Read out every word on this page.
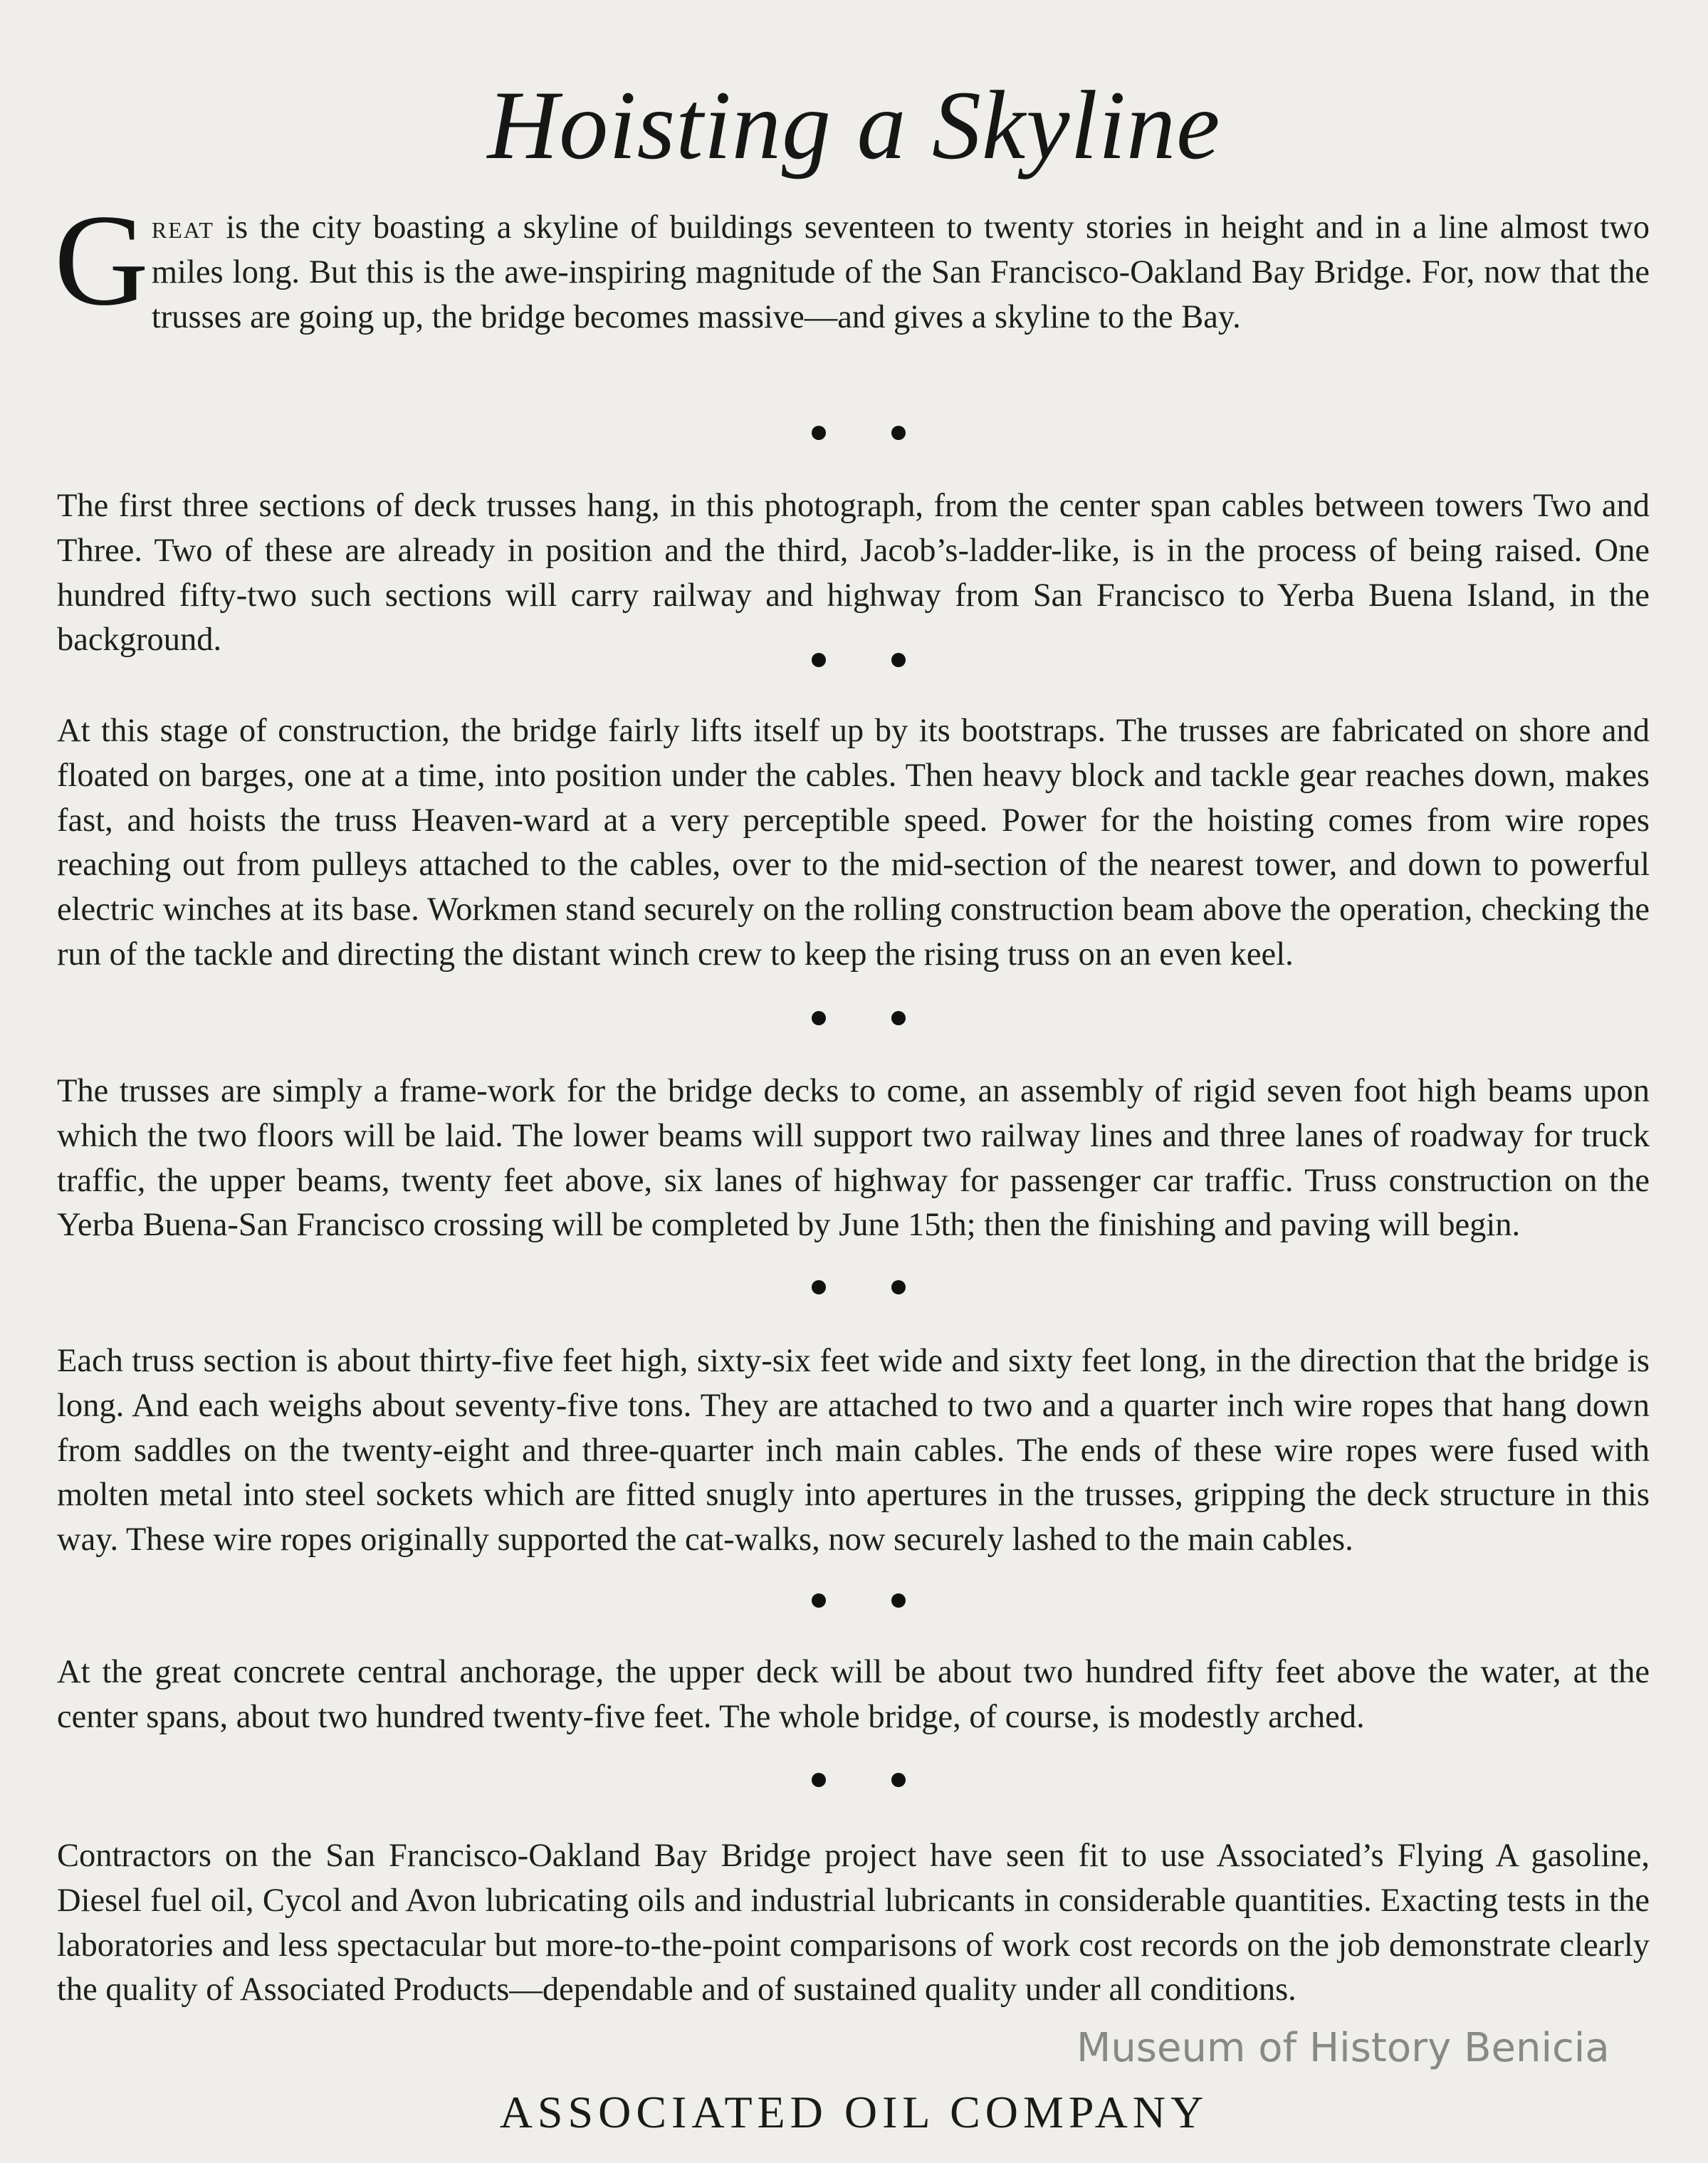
Hoisting a Skyline

Great is the city boasting a skyline of buildings seventeen to twenty stories in height and in a line almost two miles long. But this is the awe-inspiring magnitude of the San Francisco-Oakland Bay Bridge. For, now that the trusses are going up, the bridge becomes massive—and gives a skyline to the Bay.

The first three sections of deck trusses hang, in this photograph, from the center span cables between towers Two and Three. Two of these are already in position and the third, Jacob’s-ladder-like, is in the process of being raised. One hundred fifty-two such sections will carry railway and highway from San Francisco to Yerba Buena Island, in the background.

At this stage of construction, the bridge fairly lifts itself up by its bootstraps. The trusses are fabricated on shore and floated on barges, one at a time, into position under the cables. Then heavy block and tackle gear reaches down, makes fast, and hoists the truss Heaven-ward at a very perceptible speed. Power for the hoisting comes from wire ropes reaching out from pulleys attached to the cables, over to the mid-section of the nearest tower, and down to powerful electric winches at its base. Workmen stand securely on the rolling construction beam above the operation, checking the run of the tackle and directing the distant winch crew to keep the rising truss on an even keel.

The trusses are simply a frame-work for the bridge decks to come, an assembly of rigid seven foot high beams upon which the two floors will be laid. The lower beams will support two railway lines and three lanes of roadway for truck traffic, the upper beams, twenty feet above, six lanes of highway for passenger car traffic. Truss construction on the Yerba Buena-San Francisco crossing will be completed by June 15th; then the finishing and paving will begin.

Each truss section is about thirty-five feet high, sixty-six feet wide and sixty feet long, in the direction that the bridge is long. And each weighs about seventy-five tons. They are attached to two and a quarter inch wire ropes that hang down from saddles on the twenty-eight and three-quarter inch main cables. The ends of these wire ropes were fused with molten metal into steel sockets which are fitted snugly into apertures in the trusses, gripping the deck structure in this way. These wire ropes originally supported the cat-walks, now securely lashed to the main cables.

At the great concrete central anchorage, the upper deck will be about two hundred fifty feet above the water, at the center spans, about two hundred twenty-five feet. The whole bridge, of course, is modestly arched.

Contractors on the San Francisco-Oakland Bay Bridge project have seen fit to use Associated’s Flying A gasoline, Diesel fuel oil, Cycol and Avon lubricating oils and industrial lubricants in considerable quantities. Exacting tests in the laboratories and less spectacular but more-to-the-point comparisons of work cost records on the job demonstrate clearly the quality of Associated Products—dependable and of sustained quality under all conditions.

Museum of History Benicia
ASSOCIATED OIL COMPANY
